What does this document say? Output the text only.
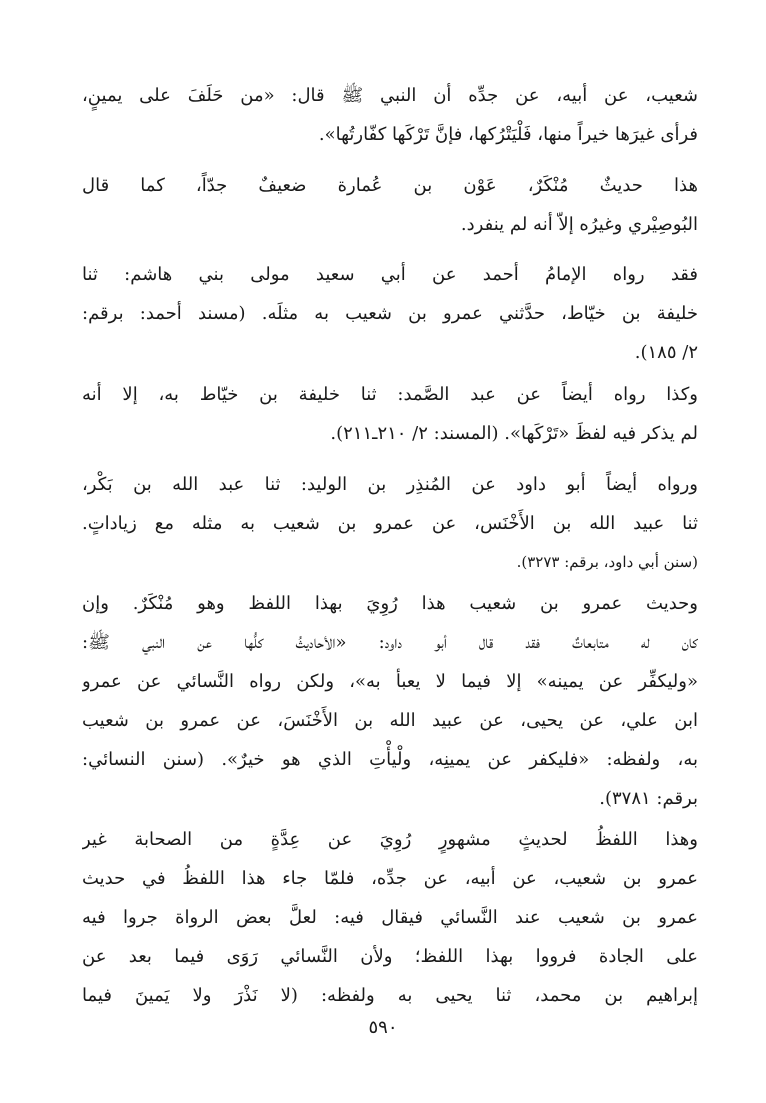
شعيب، عن أبيه، عن جدِّه أن النبي ﷺ قال: «من حَلَفَ على يمينٍ،
فرأى غيرَها خيراً منها، فَلْيَتْرُكها، فإنَّ تَرْكَها كفّارتُها».
هذا حديثٌ مُنْكَرٌ، عَوْن بن عُمارة ضعيفٌ جدّاً، كما قال
البُوصِيْري وغيرُه إلاّ أنه لم ينفرد.
فقد رواه الإمامُ أحمد عن أبي سعيد مولى بني هاشم: ثنا
خليفة بن خيّاط، حدَّثني عمرو بن شعيب به مثلَه. (مسند أحمد: برقم:
٢/ ١٨٥).
وكذا رواه أيضاً عن عبد الصَّمد: ثنا خليفة بن خيّاط به، إلا أنه
لم يذكر فيه لفظَ «تَرْكَها». (المسند: ٢/ ٢١٠ـ٢١١).
ورواه أيضاً أبو داود عن المُنذِر بن الوليد: ثنا عبد الله بن بَكْر،
ثنا عبيد الله بن الأَخْنَس، عن عمرو بن شعيب به مثله مع زياداتٍ.
(سنن أبي داود، برقم: ٣٢٧٣).
وحديث عمرو بن شعيب هذا رُوِيَ بهذا اللفظ وهو مُنْكَرٌ. وإن
كان له متابعاتٌ فقد قال أبو داود: «الأحاديثُ كلُّها عن النبي ﷺ:
«وليكفِّر عن يمينه» إلا فيما لا يعبأ به»، ولكن رواه النَّسائي عن عمرو
ابن علي، عن يحيى، عن عبيد الله بن الأَخْنَسَ، عن عمرو بن شعيب
به، ولفظه: «فليكفر عن يمينِه، ولْيأْتِ الذي هو خيرٌ». (سنن النسائي:
برقم: ٣٧٨١).
وهذا اللفظُ لحديثٍ مشهورٍ رُوِيَ عن عِدَّةٍ من الصحابة غير
عمرو بن شعيب، عن أبيه، عن جدِّه، فلمّا جاء هذا اللفظُ في حديث
عمرو بن شعيب عند النَّسائي فيقال فيه: لعلَّ بعض الرواة جروا فيه
على الجادة فرووا بهذا اللفظ؛ ولأن النَّسائي رَوَى فيما بعد عن
إبراهيم بن محمد، ثنا يحيى به ولفظه: (لا نَذْرَ ولا يَمينَ فيما
٥٩٠
